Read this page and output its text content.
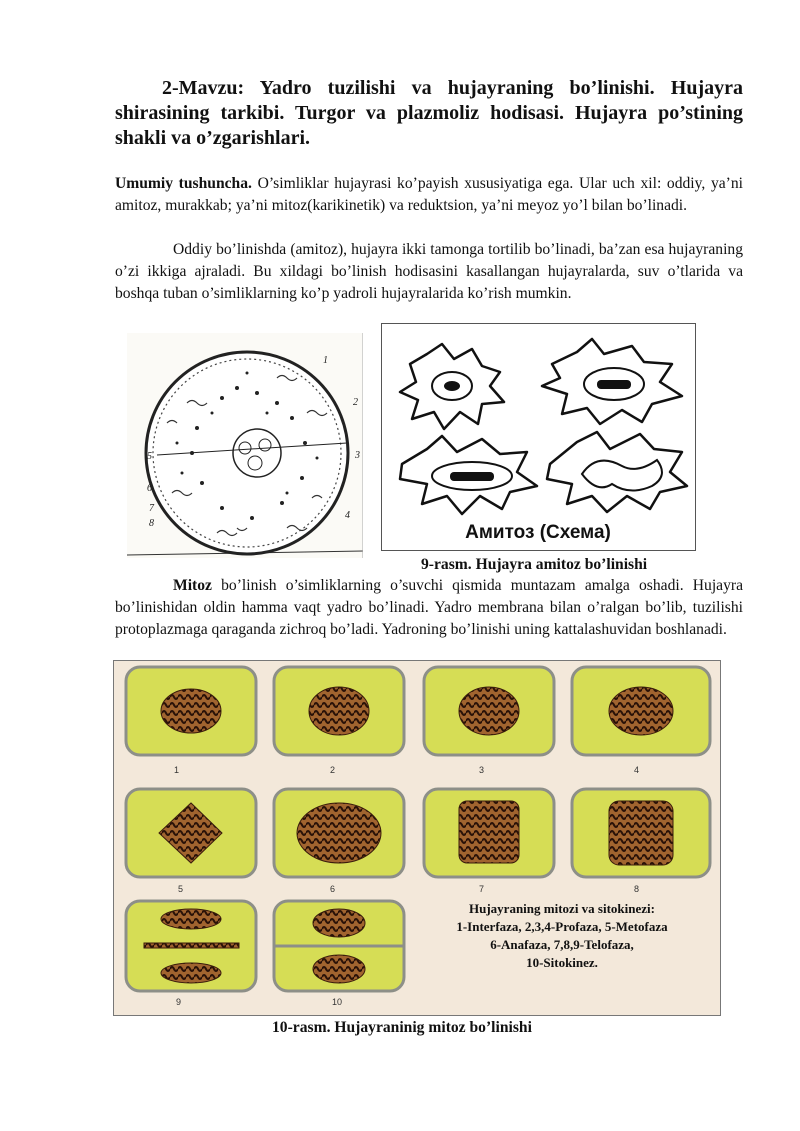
2-Mavzu: Yadro tuzilishi va hujayraning bo’linishi. Hujayra shirasining tarkibi. Turgor va plazmoliz hodisasi. Hujayra po’stining shakli va o’zgarishlari.

Umumiy tushuncha. O’simliklar hujayrasi ko’payish xususiyatiga ega. Ular uch xil: oddiy, ya’ni amitoz, murakkab; ya’ni mitoz(karikinetik) va reduktsion, ya’ni meyoz yo’l bilan bo’linadi.

Oddiy bo’linishda (amitoz), hujayra ikki tamonga tortilib bo’linadi, ba’zan esa hujayraning o’zi ikkiga ajraladi. Bu xildagi bo’linish hodisasini kasallangan hujayralarda, suv o’tlarida va boshqa tuban o’simliklarning ko’p yadroli hujayralarida ko’rish mumkin.

1
2
3
4
5
6
7
8	Амитоз (Схема)

9-rasm. Hujayra amitoz bo’linishi

Mitoz bo’linish o’simliklarning o’suvchi qismida muntazam amalga oshadi. Hujayra bo’linishidan oldin hamma vaqt yadro bo’linadi. Yadro membrana bilan o’ralgan bo’lib, tuzilishi protoplazmaga qaraganda zichroq bo’ladi. Yadroning bo’linishi uning kattalashuvidan boshlanadi.

1	2	3	4
5	6	7	8
9	10
Hujayraning mitozi va sitokinezi:
1-Interfaza, 2,3,4-Profaza, 5-Metofaza
6-Anafaza, 7,8,9-Telofaza,
10-Sitokinez.

10-rasm. Hujayraninig mitoz bo’linishi
